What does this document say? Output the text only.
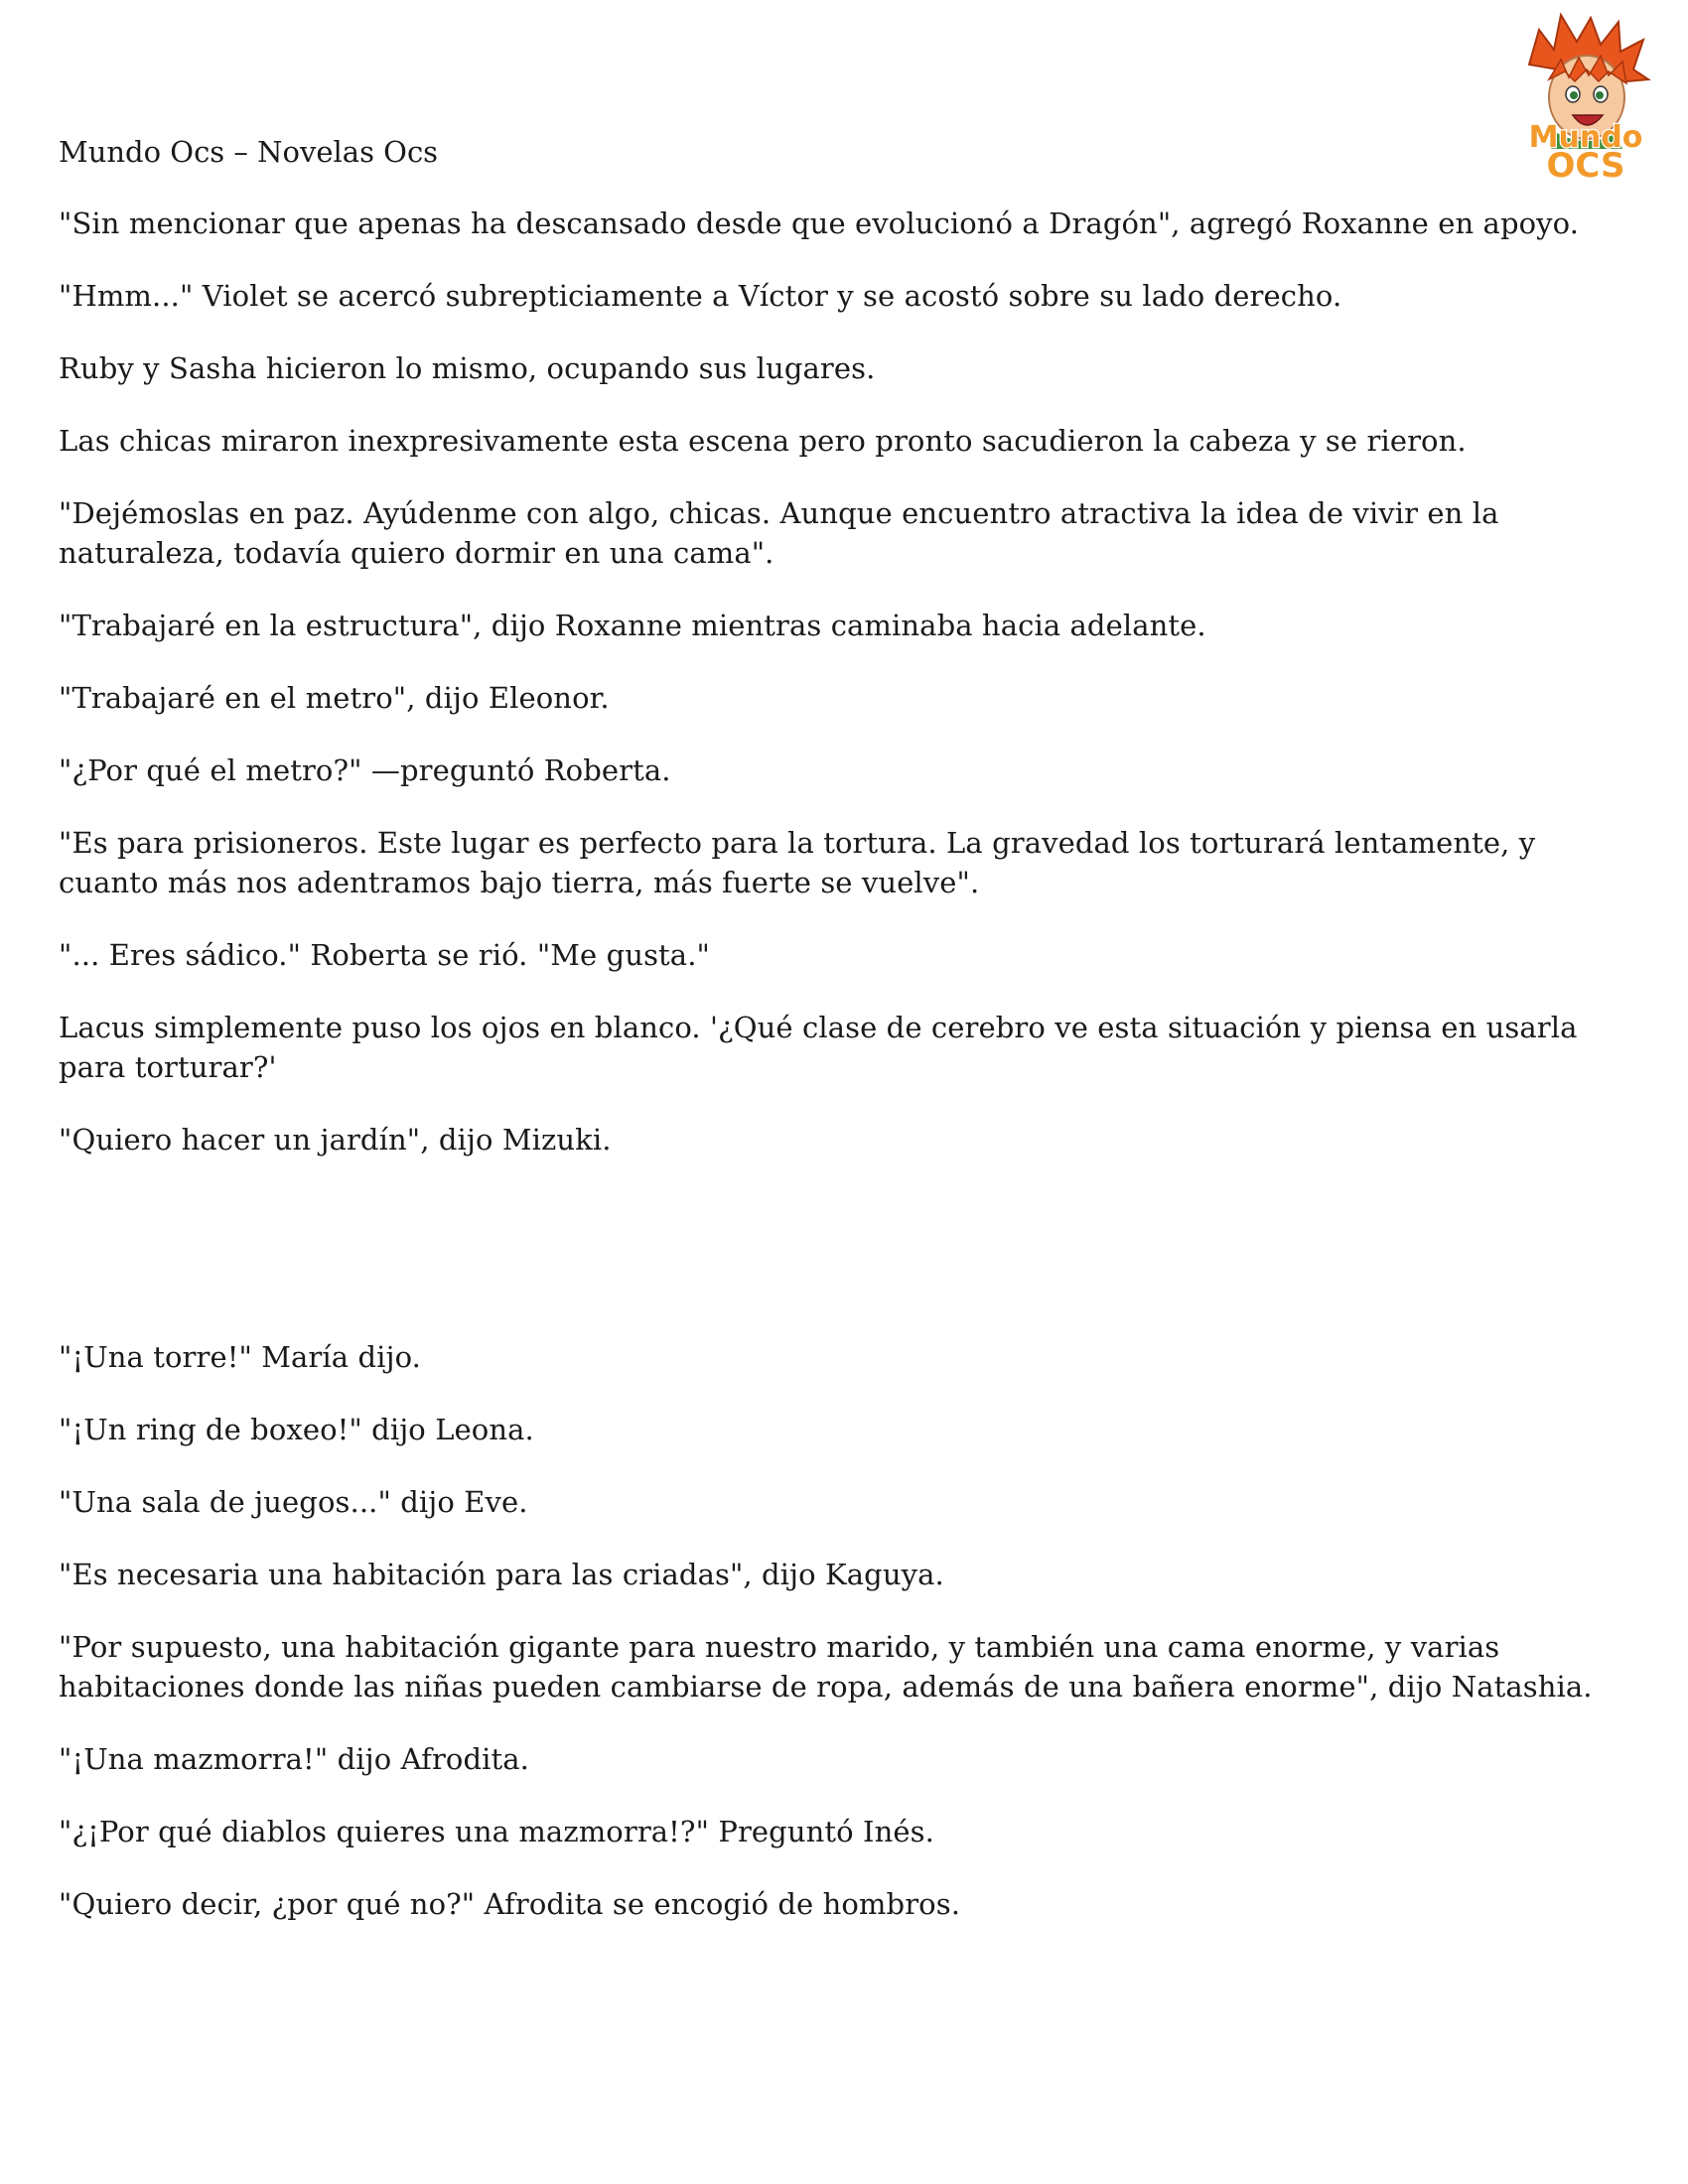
Mundo Ocs – Novelas Ocs	Mundo
OCS

"Sin mencionar que apenas ha descansado desde que evolucionó a Dragón", agregó Roxanne en apoyo.

"Hmm..." Violet se acercó subrepticiamente a Víctor y se acostó sobre su lado derecho.

Ruby y Sasha hicieron lo mismo, ocupando sus lugares.

Las chicas miraron inexpresivamente esta escena pero pronto sacudieron la cabeza y se rieron.

"Dejémoslas en paz. Ayúdenme con algo, chicas. Aunque encuentro atractiva la idea de vivir en la naturaleza, todavía quiero dormir en una cama".

"Trabajaré en la estructura", dijo Roxanne mientras caminaba hacia adelante.

"Trabajaré en el metro", dijo Eleonor.

"¿Por qué el metro?" —preguntó Roberta.

"Es para prisioneros. Este lugar es perfecto para la tortura. La gravedad los torturará lentamente, y cuanto más nos adentramos bajo tierra, más fuerte se vuelve".

"... Eres sádico." Roberta se rió. "Me gusta."

Lacus simplemente puso los ojos en blanco. '¿Qué clase de cerebro ve esta situación y piensa en usarla para torturar?'

"Quiero hacer un jardín", dijo Mizuki.

"¡Una torre!" María dijo.

"¡Un ring de boxeo!" dijo Leona.

"Una sala de juegos..." dijo Eve.

"Es necesaria una habitación para las criadas", dijo Kaguya.

"Por supuesto, una habitación gigante para nuestro marido, y también una cama enorme, y varias habitaciones donde las niñas pueden cambiarse de ropa, además de una bañera enorme", dijo Natashia.

"¡Una mazmorra!" dijo Afrodita.

"¿¡Por qué diablos quieres una mazmorra!?" Preguntó Inés.

"Quiero decir, ¿por qué no?" Afrodita se encogió de hombros.
